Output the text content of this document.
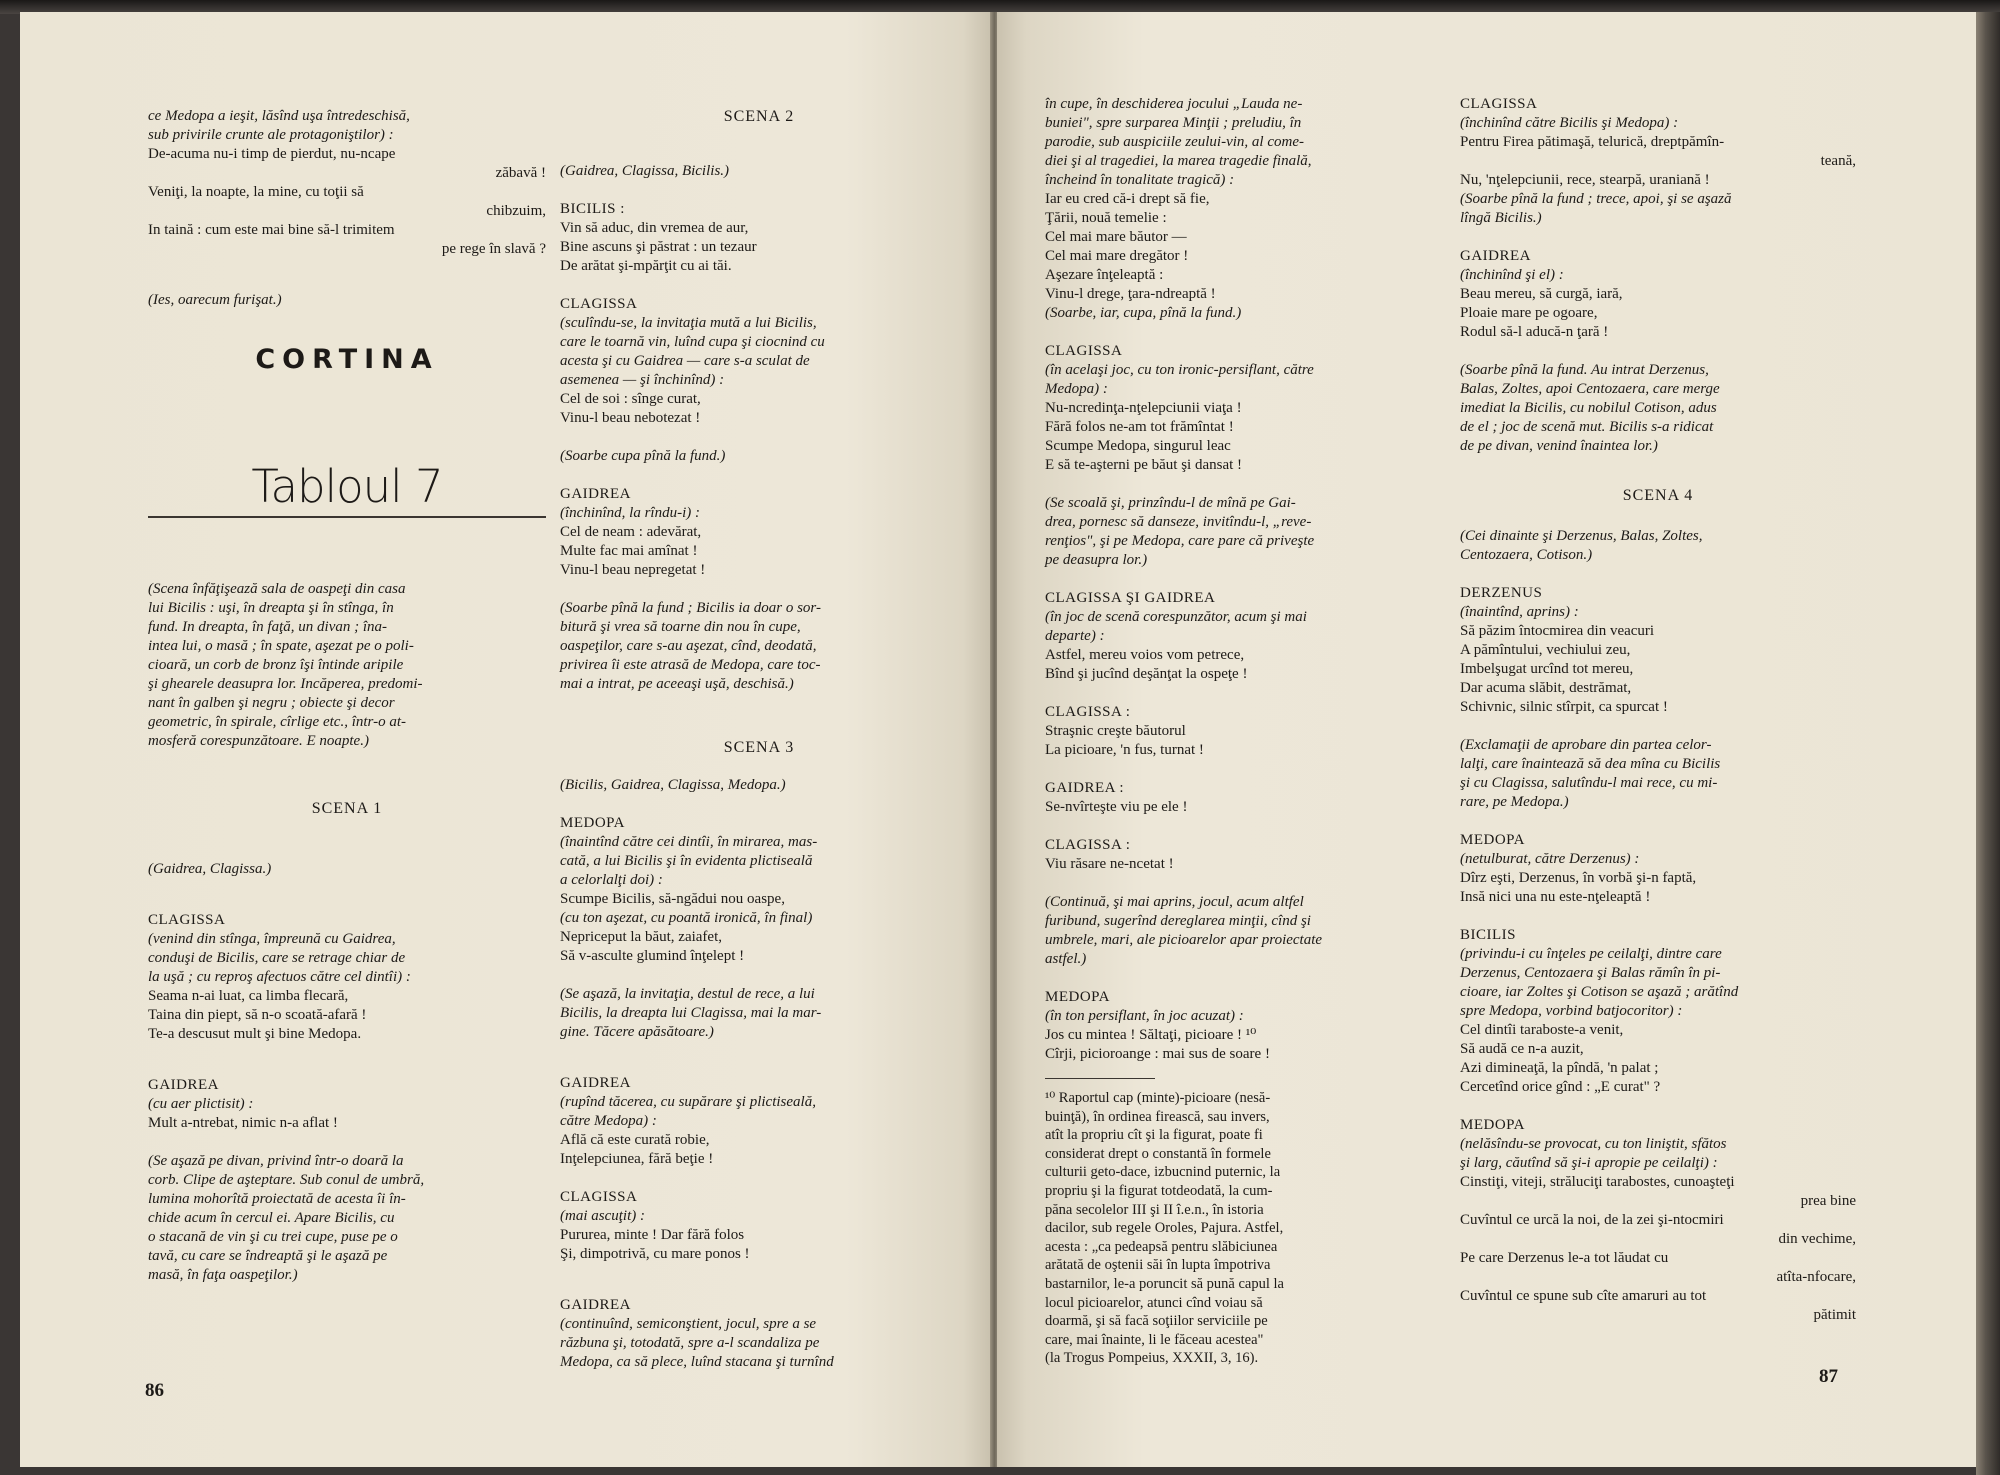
ce Medopa a ieşit, lăsînd uşa întredeschisă,

sub privirile crunte ale protagoniştilor) :

De-acuma nu-i timp de pierdut, nu-ncape

zăbavă !

Veniţi, la noapte, la mine, cu toţii să

chibzuim,

In taină : cum este mai bine să-l trimitem

pe rege în slavă ?

(Ies, oarecum furişat.)

CORTINA

Tabloul 7

(Scena înfăţişează sala de oaspeţi din casa

lui Bicilis : uşi, în dreapta şi în stînga, în

fund. In dreapta, în faţă, un divan ; îna-

intea lui, o masă ; în spate, aşezat pe o poli-

cioară, un corb de bronz îşi întinde aripile

şi ghearele deasupra lor. Incăperea, predomi-

nant în galben şi negru ; obiecte şi decor

geometric, în spirale, cîrlige etc., într-o at-

mosferă corespunzătoare. E noapte.)

SCENA 1

(Gaidrea, Clagissa.)

CLAGISSA

(venind din stînga, împreună cu Gaidrea,

conduşi de Bicilis, care se retrage chiar de

la uşă ; cu reproş afectuos către cel dintîi) :

Seama n-ai luat, ca limba flecară,

Taina din piept, să n-o scoată-afară !

Te-a descusut mult şi bine Medopa.

GAIDREA

(cu aer plictisit) :

Mult a-ntrebat, nimic n-a aflat !

(Se aşază pe divan, privind într-o doară la

corb. Clipe de aşteptare. Sub conul de umbră,

lumina mohorîtă proiectată de acesta îi în-

chide acum în cercul ei. Apare Bicilis, cu

o stacană de vin şi cu trei cupe, puse pe o

tavă, cu care se îndreaptă şi le aşază pe

masă, în faţa oaspeţilor.)

SCENA 2

(Gaidrea, Clagissa, Bicilis.)

BICILIS :

Vin să aduc, din vremea de aur,

Bine ascuns şi păstrat : un tezaur

De arătat şi-mpărţit cu ai tăi.

CLAGISSA

(sculîndu-se, la invitaţia mută a lui Bicilis,

care le toarnă vin, luînd cupa şi ciocnind cu

acesta şi cu Gaidrea — care s-a sculat de

asemenea — şi închinînd) :

Cel de soi : sînge curat,

Vinu-l beau nebotezat !

(Soarbe cupa pînă la fund.)

GAIDREA

(închinînd, la rîndu-i) :

Cel de neam : adevărat,

Multe fac mai amînat !

Vinu-l beau nepregetat !

(Soarbe pînă la fund ; Bicilis ia doar o sor-

bitură şi vrea să toarne din nou în cupe,

oaspeţilor, care s-au aşezat, cînd, deodată,

privirea îi este atrasă de Medopa, care toc-

mai a intrat, pe aceeaşi uşă, deschisă.)

SCENA 3

(Bicilis, Gaidrea, Clagissa, Medopa.)

MEDOPA

(înaintînd către cei dintîi, în mirarea, mas-

cată, a lui Bicilis şi în evidenta plictiseală

a celorlalţi doi) :

Scumpe Bicilis, să-ngădui nou oaspe,

(cu ton aşezat, cu poantă ironică, în final)

Nepriceput la băut, zaiafet,

Să v-asculte glumind înţelept !

(Se aşază, la invitaţia, destul de rece, a lui

Bicilis, la dreapta lui Clagissa, mai la mar-

gine. Tăcere apăsătoare.)

GAIDREA

(rupînd tăcerea, cu supărare şi plictiseală,

către Medopa) :

Află că este curată robie,

Inţelepciunea, fără beţie !

CLAGISSA

(mai ascuţit) :

Pururea, minte ! Dar fără folos

Şi, dimpotrivă, cu mare ponos !

GAIDREA

(continuînd, semiconştient, jocul, spre a se

răzbuna şi, totodată, spre a-l scandaliza pe

Medopa, ca să plece, luînd stacana şi turnînd

86

în cupe, în deschiderea jocului „Lauda ne-

buniei", spre surparea Minţii ; preludiu, în

parodie, sub auspiciile zeului-vin, al come-

diei şi al tragediei, la marea tragedie finală,

încheind în tonalitate tragică) :

Iar eu cred că-i drept să fie,

Ţării, nouă temelie :

Cel mai mare băutor —

Cel mai mare dregător !

Aşezare înţeleaptă :

Vinu-l drege, ţara-ndreaptă !

(Soarbe, iar, cupa, pînă la fund.)

CLAGISSA

(în acelaşi joc, cu ton ironic-persiflant, către

Medopa) :

Nu-ncredinţa-nţelepciunii viaţa !

Fără folos ne-am tot frămîntat !

Scumpe Medopa, singurul leac

E să te-aşterni pe băut şi dansat !

(Se scoală şi, prinzîndu-l de mînă pe Gai-

drea, pornesc să danseze, invitîndu-l, „reve-

renţios", şi pe Medopa, care pare că priveşte

pe deasupra lor.)

CLAGISSA ŞI GAIDREA

(în joc de scenă corespunzător, acum şi mai

departe) :

Astfel, mereu voios vom petrece,

Bînd şi jucînd deşănţat la ospeţe !

CLAGISSA :

Straşnic creşte băutorul

La picioare, 'n fus, turnat !

GAIDREA :

Se-nvîrteşte viu pe ele !

CLAGISSA :

Viu răsare ne-ncetat !

(Continuă, şi mai aprins, jocul, acum altfel

furibund, sugerînd dereglarea minţii, cînd şi

umbrele, mari, ale picioarelor apar proiectate

astfel.)

MEDOPA

(în ton persiflant, în joc acuzat) :

Jos cu mintea ! Săltaţi, picioare ! ¹⁰

Cîrji, picioroange : mai sus de soare !

¹⁰ Raportul cap (minte)-picioare (nesă-

buinţă), în ordinea firească, sau invers,

atît la propriu cît şi la figurat, poate fi

considerat drept o constantă în formele

culturii geto-dace, izbucnind puternic, la

propriu şi la figurat totdeodată, la cum-

păna secolelor III şi II î.e.n., în istoria

dacilor, sub regele Oroles, Pajura. Astfel,

acesta : „ca pedeapsă pentru slăbiciunea

arătată de oştenii săi în lupta împotriva

bastarnilor, le-a poruncit să pună capul la

locul picioarelor, atunci cînd voiau să

doarmă, şi să facă soţiilor serviciile pe

care, mai înainte, li le făceau acestea"

(la Trogus Pompeius, XXXII, 3, 16).

CLAGISSA

(închinînd către Bicilis şi Medopa) :

Pentru Firea pătimaşă, telurică, dreptpămîn-

teană,

Nu, 'nţelepciunii, rece, stearpă, uraniană !

(Soarbe pînă la fund ; trece, apoi, şi se aşază

lîngă Bicilis.)

GAIDREA

(închinînd şi el) :

Beau mereu, să curgă, iară,

Ploaie mare pe ogoare,

Rodul să-l aducă-n ţară !

(Soarbe pînă la fund. Au intrat Derzenus,

Balas, Zoltes, apoi Centozaera, care merge

imediat la Bicilis, cu nobilul Cotison, adus

de el ; joc de scenă mut. Bicilis s-a ridicat

de pe divan, venind înaintea lor.)

SCENA 4

(Cei dinainte şi Derzenus, Balas, Zoltes,

Centozaera, Cotison.)

DERZENUS

(înaintînd, aprins) :

Să păzim întocmirea din veacuri

A pămîntului, vechiului zeu,

Imbelşugat urcînd tot mereu,

Dar acuma slăbit, destrămat,

Schivnic, silnic stîrpit, ca spurcat !

(Exclamaţii de aprobare din partea celor-

lalţi, care înaintează să dea mîna cu Bicilis

şi cu Clagissa, salutîndu-l mai rece, cu mi-

rare, pe Medopa.)

MEDOPA

(netulburat, către Derzenus) :

Dîrz eşti, Derzenus, în vorbă şi-n faptă,

Insă nici una nu este-nţeleaptă !

BICILIS

(privindu-i cu înţeles pe ceilalţi, dintre care

Derzenus, Centozaera şi Balas rămîn în pi-

cioare, iar Zoltes şi Cotison se aşază ; arătînd

spre Medopa, vorbind batjocoritor) :

Cel dintîi taraboste-a venit,

Să audă ce n-a auzit,

Azi dimineaţă, la pîndă, 'n palat ;

Cercetînd orice gînd : „E curat" ?

MEDOPA

(nelăsîndu-se provocat, cu ton liniştit, sfătos

şi larg, căutînd să şi-i apropie pe ceilalţi) :

Cinstiţi, viteji, străluciţi tarabostes, cunoaşteţi

prea bine

Cuvîntul ce urcă la noi, de la zei şi-ntocmiri

din vechime,

Pe care Derzenus le-a tot lăudat cu

atîta-nfocare,

Cuvîntul ce spune sub cîte amaruri au tot

pătimit

87
